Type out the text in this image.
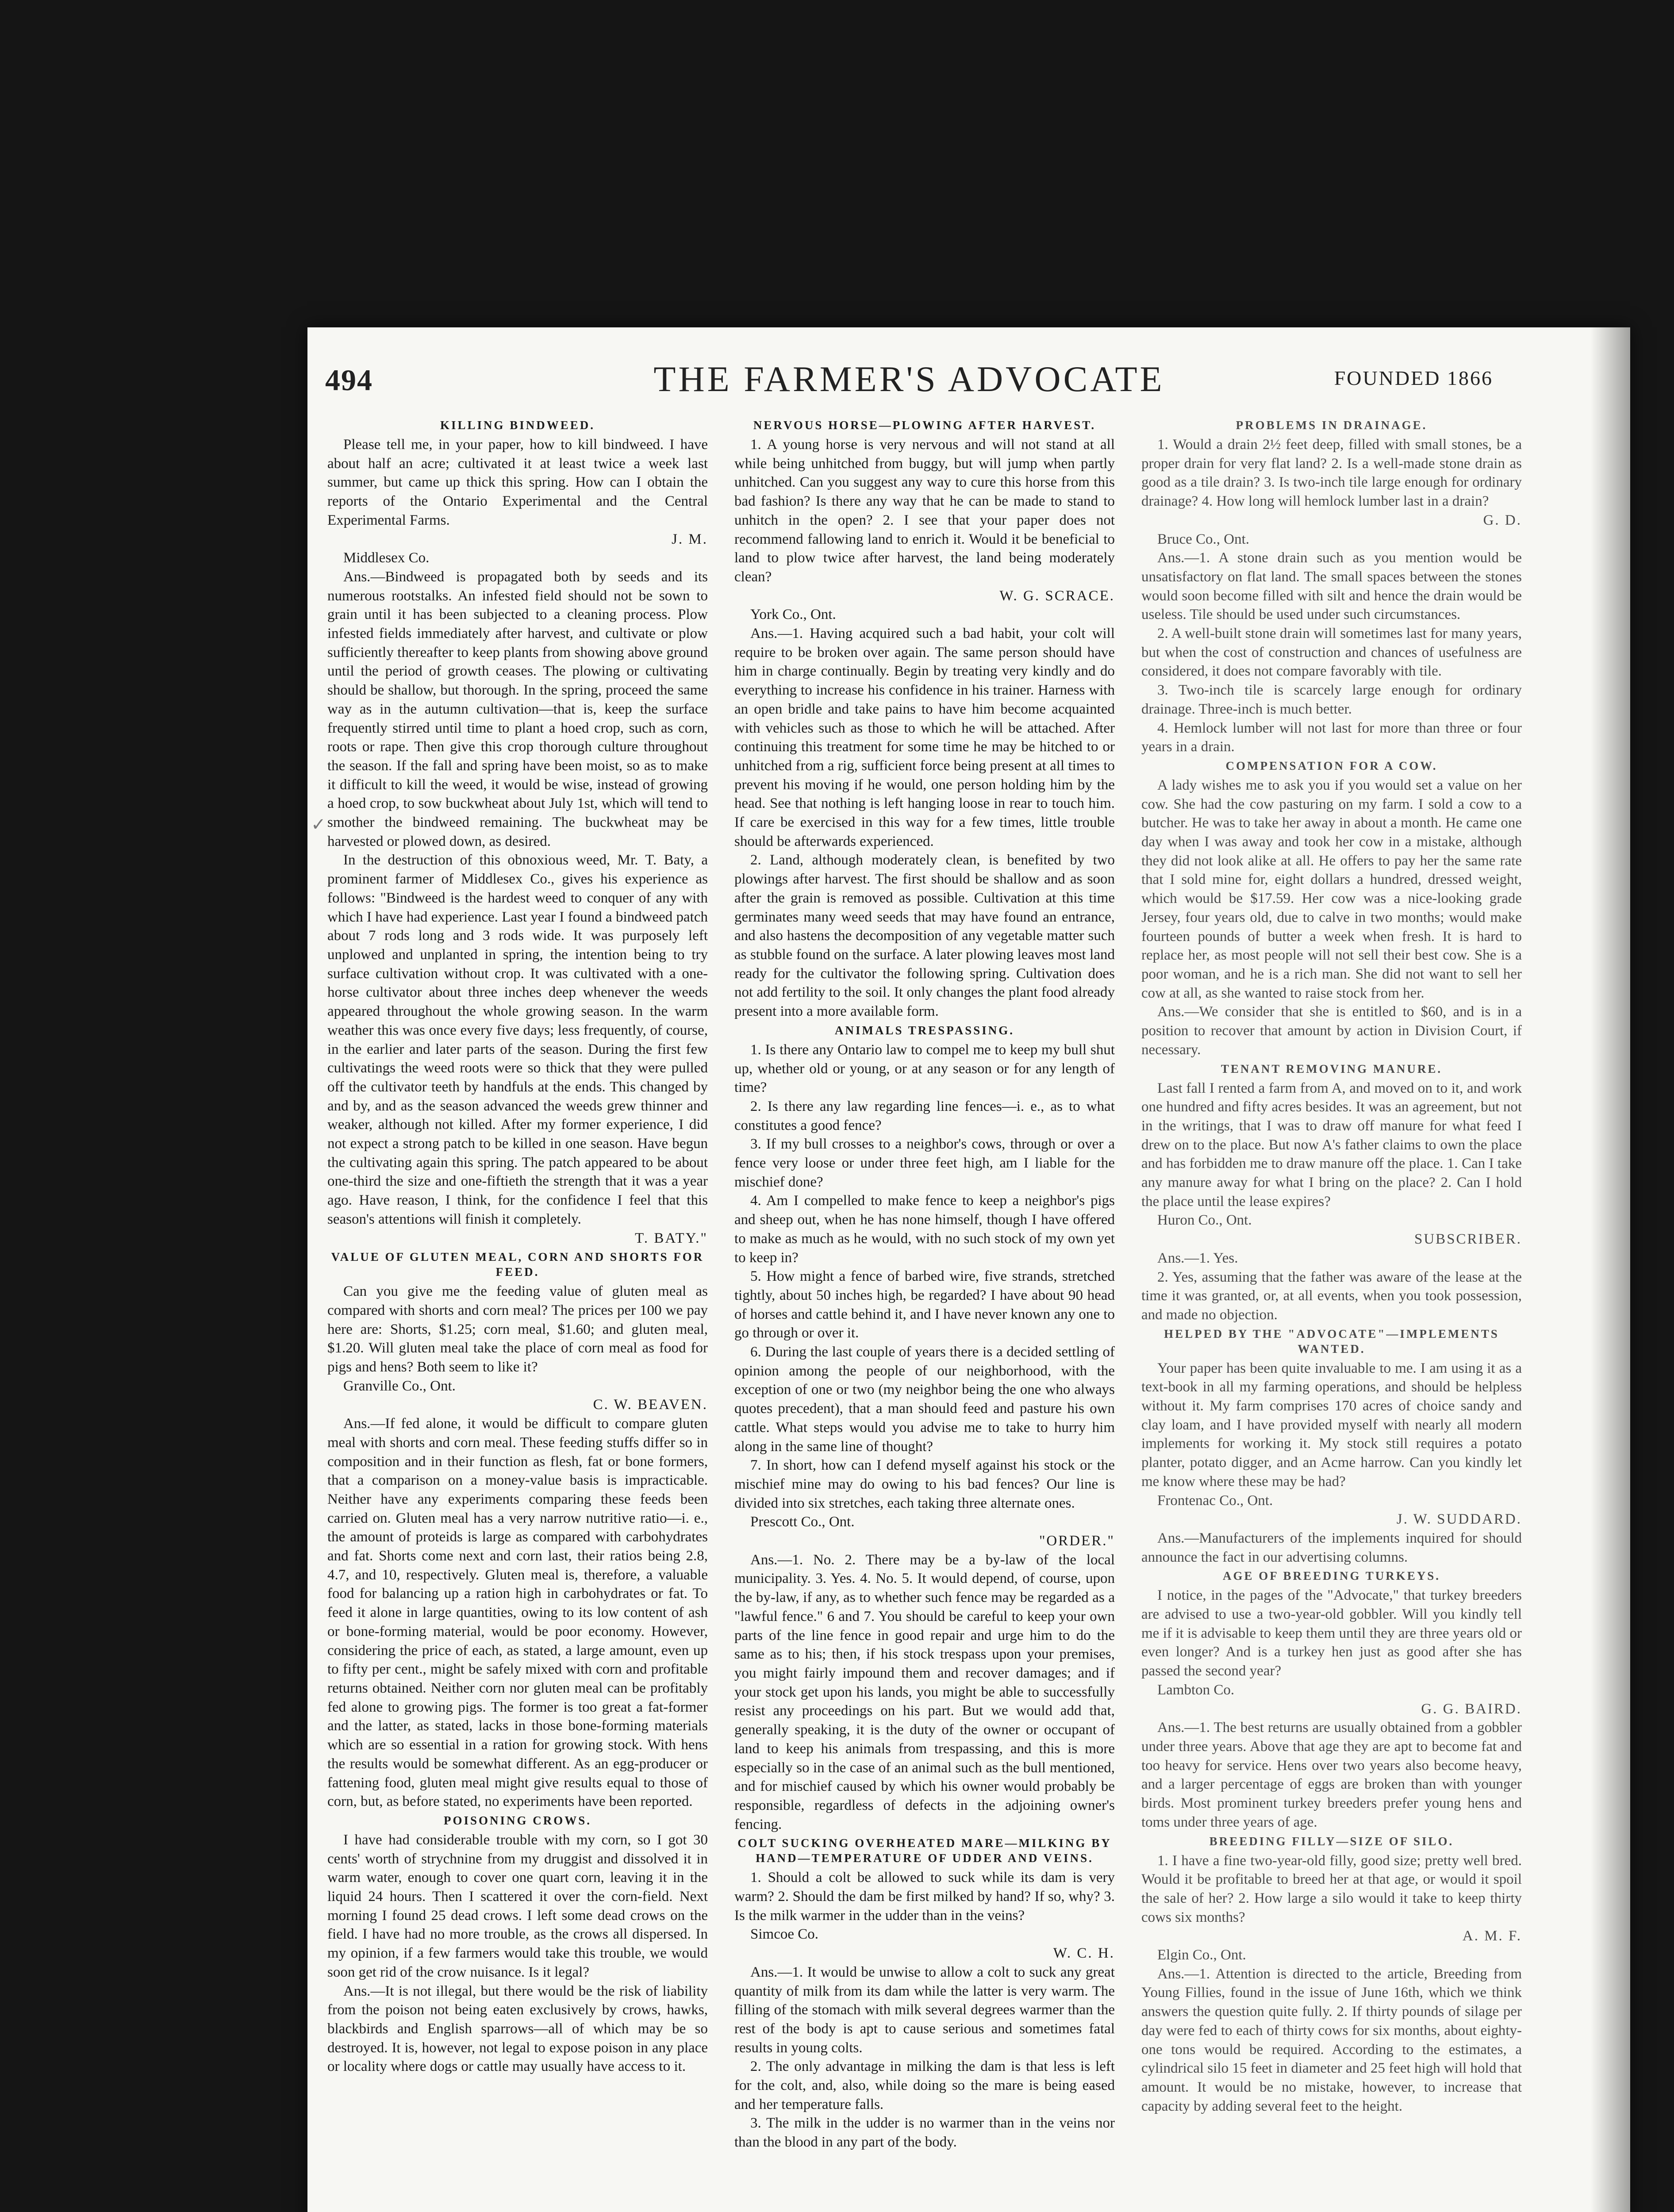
494	THE FARMER'S ADVOCATE	FOUNDED 1866
✓
KILLING BINDWEED.

Please tell me, in your paper, how to kill bindweed. I have about half an acre; cultivated it at least twice a week last summer, but came up thick this spring. How can I obtain the reports of the Ontario Experimental and the Central Experimental Farms.

J. M.
Middlesex Co.

Ans.—Bindweed is propagated both by seeds and its numerous rootstalks. An infested field should not be sown to grain until it has been subjected to a cleaning process. Plow infested fields immediately after harvest, and cultivate or plow sufficiently thereafter to keep plants from showing above ground until the period of growth ceases. The plowing or cultivating should be shallow, but thorough. In the spring, proceed the same way as in the autumn cultivation—that is, keep the surface frequently stirred until time to plant a hoed crop, such as corn, roots or rape. Then give this crop thorough culture throughout the season. If the fall and spring have been moist, so as to make it difficult to kill the weed, it would be wise, instead of growing a hoed crop, to sow buckwheat about July 1st, which will tend to smother the bindweed remaining. The buckwheat may be harvested or plowed down, as desired.

In the destruction of this obnoxious weed, Mr. T. Baty, a prominent farmer of Middlesex Co., gives his experience as follows: "Bindweed is the hardest weed to conquer of any with which I have had experience. Last year I found a bindweed patch about 7 rods long and 3 rods wide. It was purposely left unplowed and unplanted in spring, the intention being to try surface cultivation without crop. It was cultivated with a one-horse cultivator about three inches deep whenever the weeds appeared throughout the whole growing season. In the warm weather this was once every five days; less frequently, of course, in the earlier and later parts of the season. During the first few cultivatings the weed roots were so thick that they were pulled off the cultivator teeth by handfuls at the ends. This changed by and by, and as the season advanced the weeds grew thinner and weaker, although not killed. After my former experience, I did not expect a strong patch to be killed in one season. Have begun the cultivating again this spring. The patch appeared to be about one-third the size and one-fiftieth the strength that it was a year ago. Have reason, I think, for the confidence I feel that this season's attentions will finish it completely.

T. BATY."
VALUE OF GLUTEN MEAL, CORN AND SHORTS FOR FEED.

Can you give me the feeding value of gluten meal as compared with shorts and corn meal? The prices per 100 we pay here are: Shorts, $1.25; corn meal, $1.60; and gluten meal, $1.20. Will gluten meal take the place of corn meal as food for pigs and hens? Both seem to like it?

Granville Co., Ont.
C. W. BEAVEN.

Ans.—If fed alone, it would be difficult to compare gluten meal with shorts and corn meal. These feeding stuffs differ so in composition and in their function as flesh, fat or bone formers, that a comparison on a money-value basis is impracticable. Neither have any experiments comparing these feeds been carried on. Gluten meal has a very narrow nutritive ratio—i. e., the amount of proteids is large as compared with carbohydrates and fat. Shorts come next and corn last, their ratios being 2.8, 4.7, and 10, respectively. Gluten meal is, therefore, a valuable food for balancing up a ration high in carbohydrates or fat. To feed it alone in large quantities, owing to its low content of ash or bone-forming material, would be poor economy. However, considering the price of each, as stated, a large amount, even up to fifty per cent., might be safely mixed with corn and profitable returns obtained. Neither corn nor gluten meal can be profitably fed alone to growing pigs. The former is too great a fat-former and the latter, as stated, lacks in those bone-forming materials which are so essential in a ration for growing stock. With hens the results would be somewhat different. As an egg-producer or fattening food, gluten meal might give results equal to those of corn, but, as before stated, no experiments have been reported.

POISONING CROWS.

I have had considerable trouble with my corn, so I got 30 cents' worth of strychnine from my druggist and dissolved it in warm water, enough to cover one quart corn, leaving it in the liquid 24 hours. Then I scattered it over the corn-field. Next morning I found 25 dead crows. I left some dead crows on the field. I have had no more trouble, as the crows all dispersed. In my opinion, if a few farmers would take this trouble, we would soon get rid of the crow nuisance. Is it legal?

Ans.—It is not illegal, but there would be the risk of liability from the poison not being eaten exclusively by crows, hawks, blackbirds and English sparrows—all of which may be so destroyed. It is, however, not legal to expose poison in any place or locality where dogs or cattle may usually have access to it.

NERVOUS HORSE—PLOWING AFTER HARVEST.

1. A young horse is very nervous and will not stand at all while being unhitched from buggy, but will jump when partly unhitched. Can you suggest any way to cure this horse from this bad fashion? Is there any way that he can be made to stand to unhitch in the open? 2. I see that your paper does not recommend fallowing land to enrich it. Would it be beneficial to land to plow twice after harvest, the land being moderately clean?

W. G. SCRACE.
York Co., Ont.

Ans.—1. Having acquired such a bad habit, your colt will require to be broken over again. The same person should have him in charge continually. Begin by treating very kindly and do everything to increase his confidence in his trainer. Harness with an open bridle and take pains to have him become acquainted with vehicles such as those to which he will be attached. After continuing this treatment for some time he may be hitched to or unhitched from a rig, sufficient force being present at all times to prevent his moving if he would, one person holding him by the head. See that nothing is left hanging loose in rear to touch him. If care be exercised in this way for a few times, little trouble should be afterwards experienced.

2. Land, although moderately clean, is benefited by two plowings after harvest. The first should be shallow and as soon after the grain is removed as possible. Cultivation at this time germinates many weed seeds that may have found an entrance, and also hastens the decomposition of any vegetable matter such as stubble found on the surface. A later plowing leaves most land ready for the cultivator the following spring. Cultivation does not add fertility to the soil. It only changes the plant food already present into a more available form.

ANIMALS TRESPASSING.

1. Is there any Ontario law to compel me to keep my bull shut up, whether old or young, or at any season or for any length of time?

2. Is there any law regarding line fences—i. e., as to what constitutes a good fence?

3. If my bull crosses to a neighbor's cows, through or over a fence very loose or under three feet high, am I liable for the mischief done?

4. Am I compelled to make fence to keep a neighbor's pigs and sheep out, when he has none himself, though I have offered to make as much as he would, with no such stock of my own yet to keep in?

5. How might a fence of barbed wire, five strands, stretched tightly, about 50 inches high, be regarded? I have about 90 head of horses and cattle behind it, and I have never known any one to go through or over it.

6. During the last couple of years there is a decided settling of opinion among the people of our neighborhood, with the exception of one or two (my neighbor being the one who always quotes precedent), that a man should feed and pasture his own cattle. What steps would you advise me to take to hurry him along in the same line of thought?

7. In short, how can I defend myself against his stock or the mischief mine may do owing to his bad fences? Our line is divided into six stretches, each taking three alternate ones.

Prescott Co., Ont.
"ORDER."

Ans.—1. No. 2. There may be a by-law of the local municipality. 3. Yes. 4. No. 5. It would depend, of course, upon the by-law, if any, as to whether such fence may be regarded as a "lawful fence." 6 and 7. You should be careful to keep your own parts of the line fence in good repair and urge him to do the same as to his; then, if his stock trespass upon your premises, you might fairly impound them and recover damages; and if your stock get upon his lands, you might be able to successfully resist any proceedings on his part. But we would add that, generally speaking, it is the duty of the owner or occupant of land to keep his animals from trespassing, and this is more especially so in the case of an animal such as the bull mentioned, and for mischief caused by which his owner would probably be responsible, regardless of defects in the adjoining owner's fencing.

COLT SUCKING OVERHEATED MARE—MILKING BY HAND—TEMPERATURE OF UDDER AND VEINS.

1. Should a colt be allowed to suck while its dam is very warm? 2. Should the dam be first milked by hand? If so, why? 3. Is the milk warmer in the udder than in the veins?

Simcoe Co.
W. C. H.

Ans.—1. It would be unwise to allow a colt to suck any great quantity of milk from its dam while the latter is very warm. The filling of the stomach with milk several degrees warmer than the rest of the body is apt to cause serious and sometimes fatal results in young colts.

2. The only advantage in milking the dam is that less is left for the colt, and, also, while doing so the mare is being eased and her temperature falls.

3. The milk in the udder is no warmer than in the veins nor than the blood in any part of the body.

PROBLEMS IN DRAINAGE.

1. Would a drain 2½ feet deep, filled with small stones, be a proper drain for very flat land? 2. Is a well-made stone drain as good as a tile drain? 3. Is two-inch tile large enough for ordinary drainage? 4. How long will hemlock lumber last in a drain?

G. D.
Bruce Co., Ont.

Ans.—1. A stone drain such as you mention would be unsatisfactory on flat land. The small spaces between the stones would soon become filled with silt and hence the drain would be useless. Tile should be used under such circumstances.

2. A well-built stone drain will sometimes last for many years, but when the cost of construction and chances of usefulness are considered, it does not compare favorably with tile.

3. Two-inch tile is scarcely large enough for ordinary drainage. Three-inch is much better.

4. Hemlock lumber will not last for more than three or four years in a drain.

COMPENSATION FOR A COW.

A lady wishes me to ask you if you would set a value on her cow. She had the cow pasturing on my farm. I sold a cow to a butcher. He was to take her away in about a month. He came one day when I was away and took her cow in a mistake, although they did not look alike at all. He offers to pay her the same rate that I sold mine for, eight dollars a hundred, dressed weight, which would be $17.59. Her cow was a nice-looking grade Jersey, four years old, due to calve in two months; would make fourteen pounds of butter a week when fresh. It is hard to replace her, as most people will not sell their best cow. She is a poor woman, and he is a rich man. She did not want to sell her cow at all, as she wanted to raise stock from her.

Ans.—We consider that she is entitled to $60, and is in a position to recover that amount by action in Division Court, if necessary.

TENANT REMOVING MANURE.

Last fall I rented a farm from A, and moved on to it, and work one hundred and fifty acres besides. It was an agreement, but not in the writings, that I was to draw off manure for what feed I drew on to the place. But now A's father claims to own the place and has forbidden me to draw manure off the place. 1. Can I take any manure away for what I bring on the place? 2. Can I hold the place until the lease expires?

Huron Co., Ont.
SUBSCRIBER.

Ans.—1. Yes.

2. Yes, assuming that the father was aware of the lease at the time it was granted, or, at all events, when you took possession, and made no objection.

HELPED BY THE "ADVOCATE"—IMPLEMENTS WANTED.

Your paper has been quite invaluable to me. I am using it as a text-book in all my farming operations, and should be helpless without it. My farm comprises 170 acres of choice sandy and clay loam, and I have provided myself with nearly all modern implements for working it. My stock still requires a potato planter, potato digger, and an Acme harrow. Can you kindly let me know where these may be had?

Frontenac Co., Ont.
J. W. SUDDARD.

Ans.—Manufacturers of the implements inquired for should announce the fact in our advertising columns.

AGE OF BREEDING TURKEYS.

I notice, in the pages of the "Advocate," that turkey breeders are advised to use a two-year-old gobbler. Will you kindly tell me if it is advisable to keep them until they are three years old or even longer? And is a turkey hen just as good after she has passed the second year?

Lambton Co.
G. G. BAIRD.

Ans.—1. The best returns are usually obtained from a gobbler under three years. Above that age they are apt to become fat and too heavy for service. Hens over two years also become heavy, and a larger percentage of eggs are broken than with younger birds. Most prominent turkey breeders prefer young hens and toms under three years of age.

BREEDING FILLY—SIZE OF SILO.

1. I have a fine two-year-old filly, good size; pretty well bred. Would it be profitable to breed her at that age, or would it spoil the sale of her? 2. How large a silo would it take to keep thirty cows six months?

A. M. F.
Elgin Co., Ont.

Ans.—1. Attention is directed to the article, Breeding from Young Fillies, found in the issue of June 16th, which we think answers the question quite fully. 2. If thirty pounds of silage per day were fed to each of thirty cows for six months, about eighty-one tons would be required. According to the estimates, a cylindrical silo 15 feet in diameter and 25 feet high will hold that amount. It would be no mistake, however, to increase that capacity by adding several feet to the height.
